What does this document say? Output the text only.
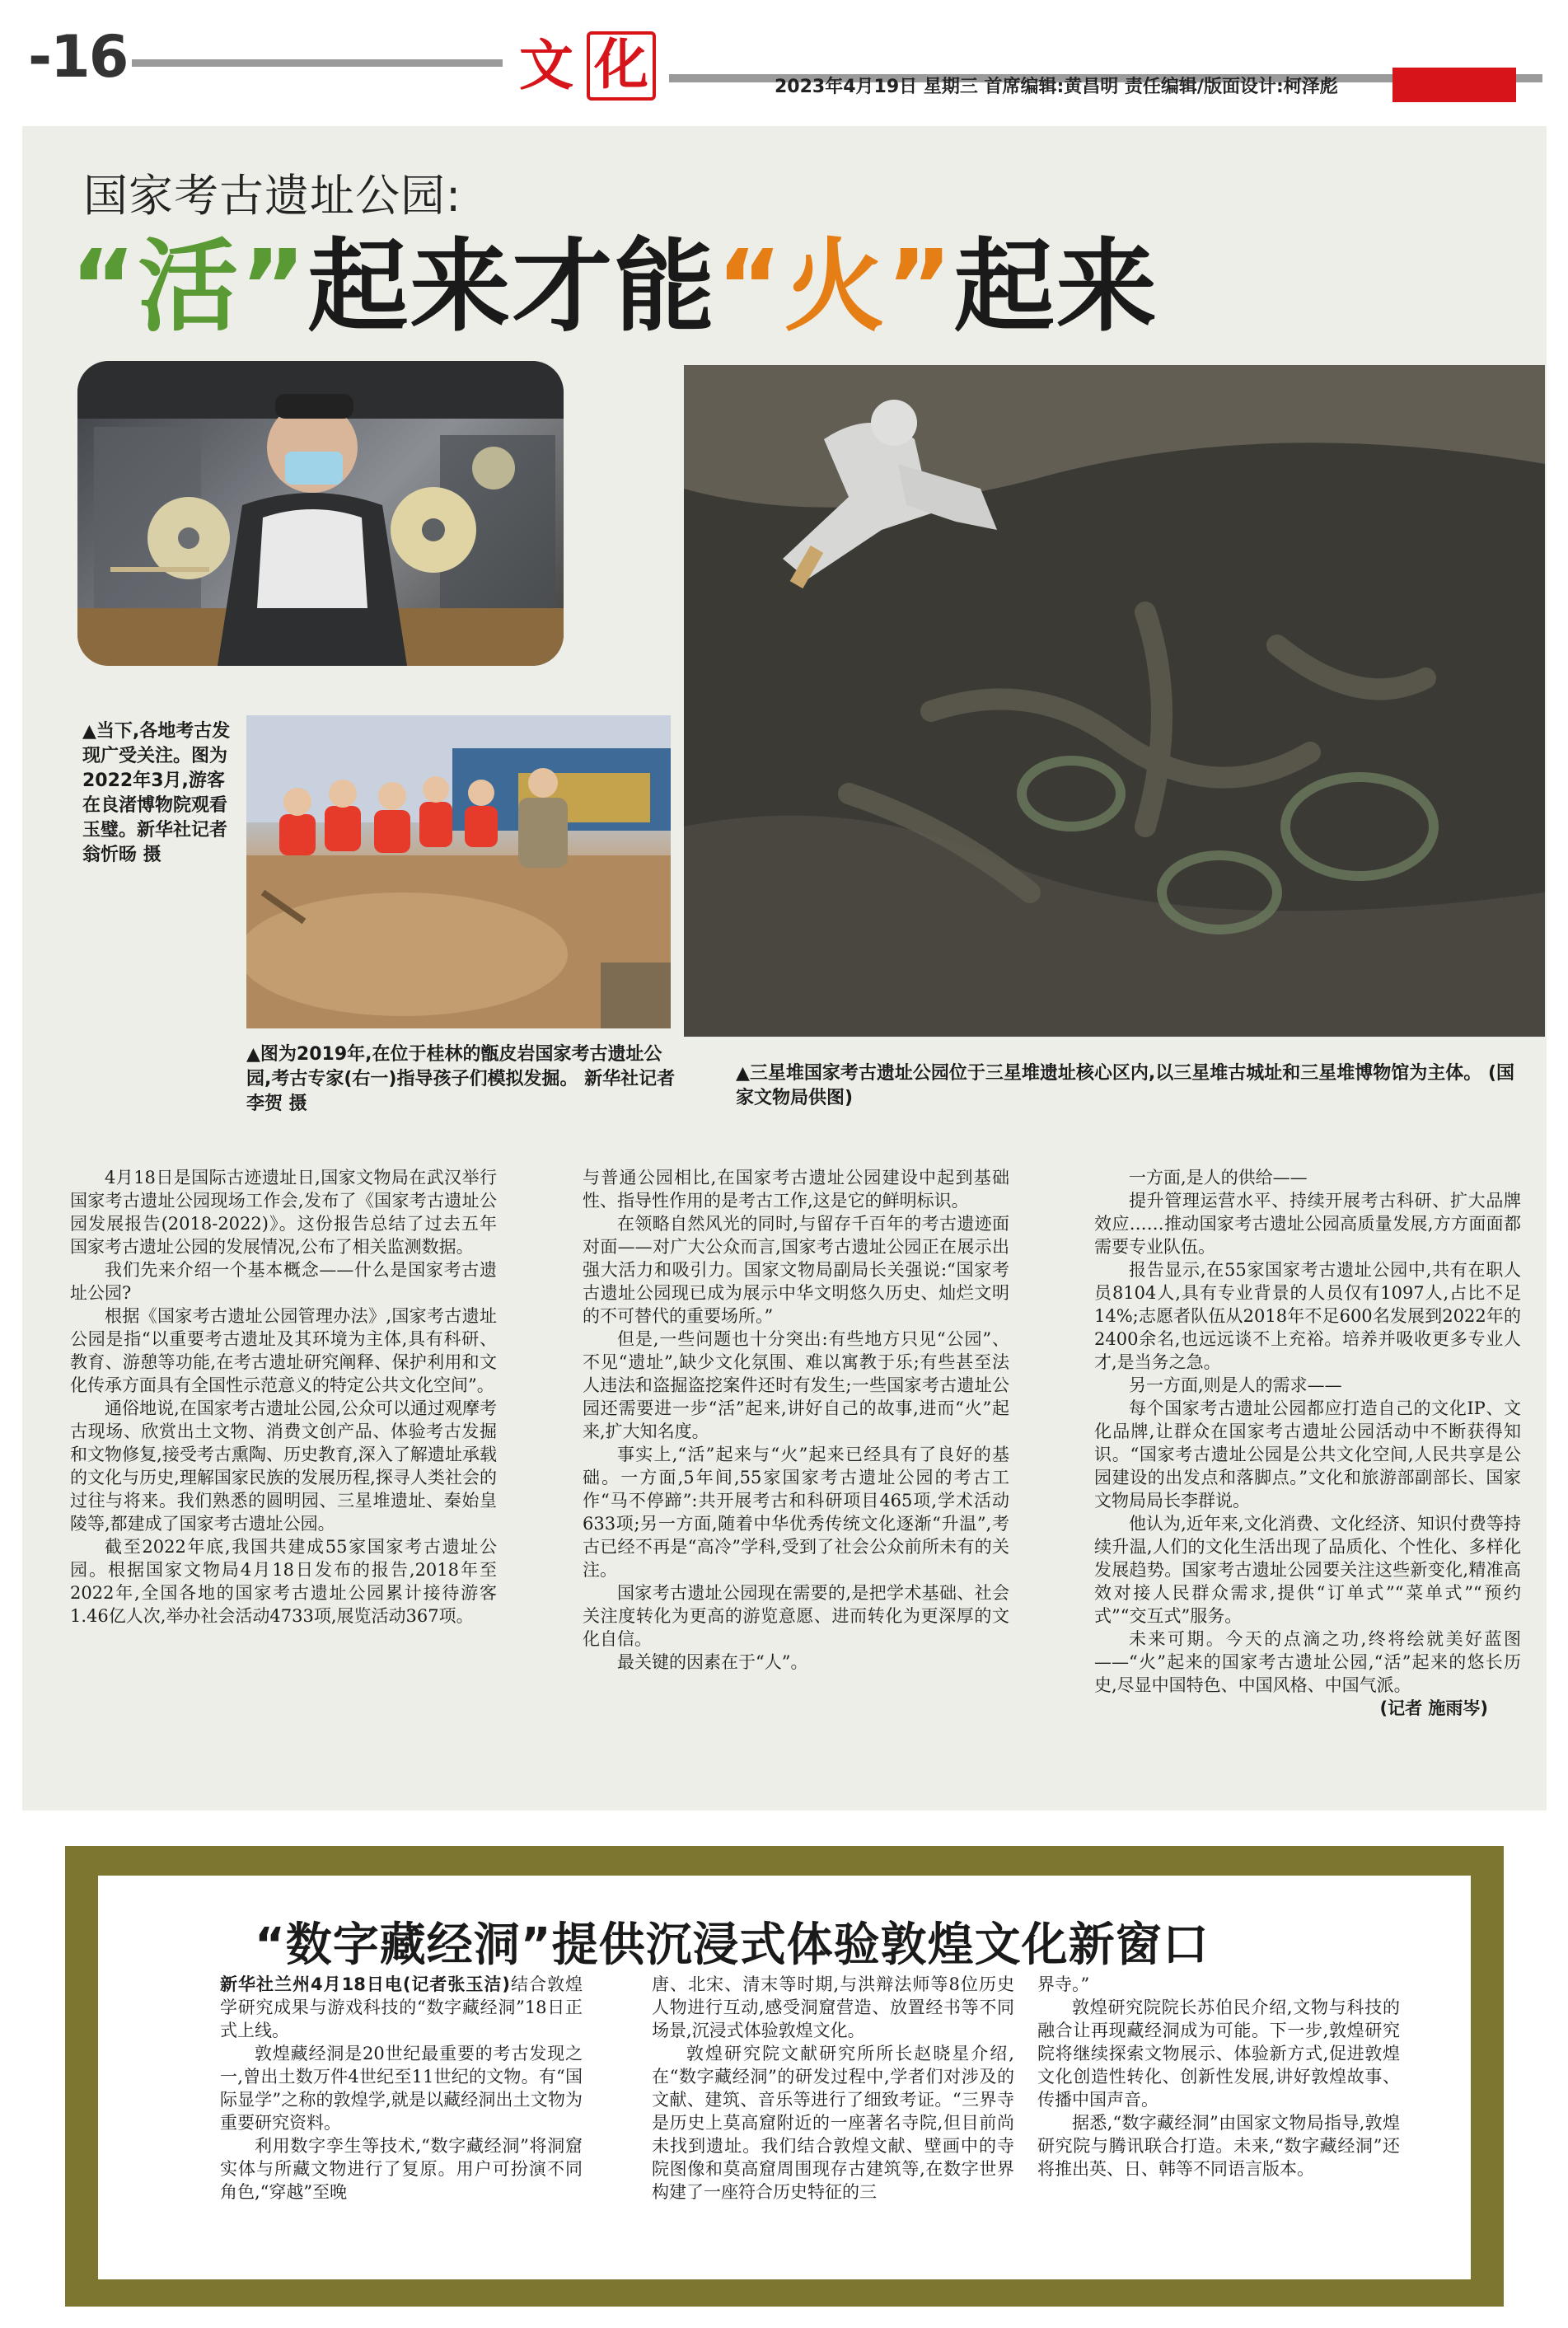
-16	文 化	2023年4月19日 星期三 首席编辑:黄昌明 责任编辑/版面设计:柯泽彪
国家考古遗址公园:
“活”起来才能“火”起来
▲当下,各地考古发现广受关注。图为2022年3月,游客在良渚博物院观看玉璧。新华社记者翁忻旸 摄
▲图为2019年,在位于桂林的甑皮岩国家考古遗址公园,考古专家(右一)指导孩子们模拟发掘。 新华社记者李贺 摄
▲三星堆国家考古遗址公园位于三星堆遗址核心区内,以三星堆古城址和三星堆博物馆为主体。 (国家文物局供图)

4月18日是国际古迹遗址日,国家文物局在武汉举行国家考古遗址公园现场工作会,发布了《国家考古遗址公园发展报告(2018-2022)》。这份报告总结了过去五年国家考古遗址公园的发展情况,公布了相关监测数据。

我们先来介绍一个基本概念——什么是国家考古遗址公园?

根据《国家考古遗址公园管理办法》,国家考古遗址公园是指“以重要考古遗址及其环境为主体,具有科研、教育、游憩等功能,在考古遗址研究阐释、保护利用和文化传承方面具有全国性示范意义的特定公共文化空间”。

通俗地说,在国家考古遗址公园,公众可以通过观摩考古现场、欣赏出土文物、消费文创产品、体验考古发掘和文物修复,接受考古熏陶、历史教育,深入了解遗址承载的文化与历史,理解国家民族的发展历程,探寻人类社会的过往与将来。我们熟悉的圆明园、三星堆遗址、秦始皇陵等,都建成了国家考古遗址公园。

截至2022年底,我国共建成55家国家考古遗址公园。根据国家文物局4月18日发布的报告,2018年至2022年,全国各地的国家考古遗址公园累计接待游客1.46亿人次,举办社会活动4733项,展览活动367项。

与普通公园相比,在国家考古遗址公园建设中起到基础性、指导性作用的是考古工作,这是它的鲜明标识。

在领略自然风光的同时,与留存千百年的考古遗迹面对面——对广大公众而言,国家考古遗址公园正在展示出强大活力和吸引力。国家文物局副局长关强说:“国家考古遗址公园现已成为展示中华文明悠久历史、灿烂文明的不可替代的重要场所。”

但是,一些问题也十分突出:有些地方只见“公园”、不见“遗址”,缺少文化氛围、难以寓教于乐;有些甚至法人违法和盗掘盗挖案件还时有发生;一些国家考古遗址公园还需要进一步“活”起来,讲好自己的故事,进而“火”起来,扩大知名度。

事实上,“活”起来与“火”起来已经具有了良好的基础。一方面,5年间,55家国家考古遗址公园的考古工作“马不停蹄”:共开展考古和科研项目465项,学术活动633项;另一方面,随着中华优秀传统文化逐渐“升温”,考古已经不再是“高冷”学科,受到了社会公众前所未有的关注。

国家考古遗址公园现在需要的,是把学术基础、社会关注度转化为更高的游览意愿、进而转化为更深厚的文化自信。

最关键的因素在于“人”。

一方面,是人的供给——

提升管理运营水平、持续开展考古科研、扩大品牌效应……推动国家考古遗址公园高质量发展,方方面面都需要专业队伍。

报告显示,在55家国家考古遗址公园中,共有在职人员8104人,具有专业背景的人员仅有1097人,占比不足14%;志愿者队伍从2018年不足600名发展到2022年的2400余名,也远远谈不上充裕。培养并吸收更多专业人才,是当务之急。

另一方面,则是人的需求——

每个国家考古遗址公园都应打造自己的文化IP、文化品牌,让群众在国家考古遗址公园活动中不断获得知识。“国家考古遗址公园是公共文化空间,人民共享是公园建设的出发点和落脚点。”文化和旅游部副部长、国家文物局局长李群说。

他认为,近年来,文化消费、文化经济、知识付费等持续升温,人们的文化生活出现了品质化、个性化、多样化发展趋势。国家考古遗址公园要关注这些新变化,精准高效对接人民群众需求,提供“订单式”“菜单式”“预约式”“交互式”服务。

未来可期。今天的点滴之功,终将绘就美好蓝图——“火”起来的国家考古遗址公园,“活”起来的悠长历史,尽显中国特色、中国风格、中国气派。

(记者 施雨岑)
“数字藏经洞”提供沉浸式体验敦煌文化新窗口

新华社兰州4月18日电(记者张玉洁)结合敦煌学研究成果与游戏科技的“数字藏经洞”18日正式上线。

敦煌藏经洞是20世纪最重要的考古发现之一,曾出土数万件4世纪至11世纪的文物。有“国际显学”之称的敦煌学,就是以藏经洞出土文物为重要研究资料。

利用数字孪生等技术,“数字藏经洞”将洞窟实体与所藏文物进行了复原。用户可扮演不同角色,“穿越”至晚

唐、北宋、清末等时期,与洪辩法师等8位历史人物进行互动,感受洞窟营造、放置经书等不同场景,沉浸式体验敦煌文化。

敦煌研究院文献研究所所长赵晓星介绍,在“数字藏经洞”的研发过程中,学者们对涉及的文献、建筑、音乐等进行了细致考证。“三界寺是历史上莫高窟附近的一座著名寺院,但目前尚未找到遗址。我们结合敦煌文献、壁画中的寺院图像和莫高窟周围现存古建筑等,在数字世界构建了一座符合历史特征的三

界寺。”

敦煌研究院院长苏伯民介绍,文物与科技的融合让再现藏经洞成为可能。下一步,敦煌研究院将继续探索文物展示、体验新方式,促进敦煌文化创造性转化、创新性发展,讲好敦煌故事、传播中国声音。

据悉,“数字藏经洞”由国家文物局指导,敦煌研究院与腾讯联合打造。未来,“数字藏经洞”还将推出英、日、韩等不同语言版本。
